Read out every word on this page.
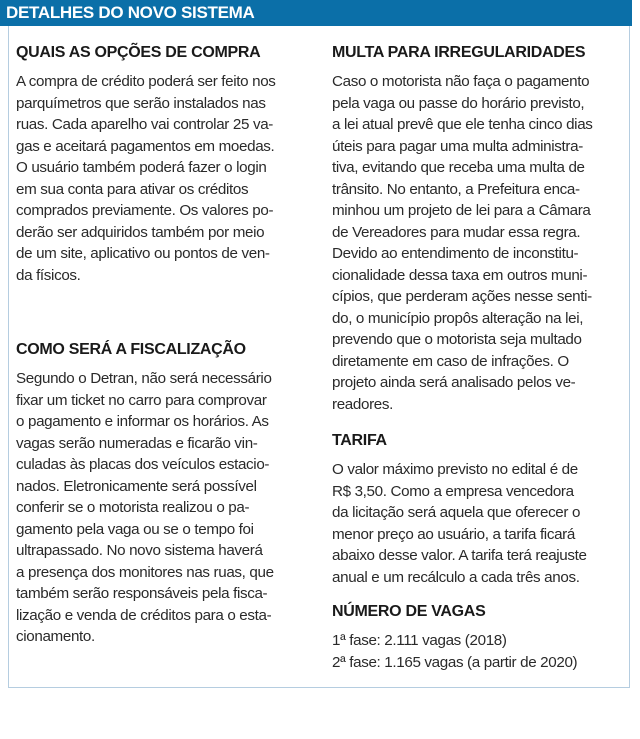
DETALHES DO NOVO SISTEMA
QUAIS AS OPÇÕES DE COMPRA

A compra de crédito poderá ser feito nos
parquímetros que serão instalados nas
ruas. Cada aparelho vai controlar 25 va-
gas e aceitará pagamentos em moedas.
O usuário também poderá fazer o login
em sua conta para ativar os créditos
comprados previamente. Os valores po-
derão ser adquiridos também por meio
de um site, aplicativo ou pontos de ven-
da físicos.

COMO SERÁ A FISCALIZAÇÃO

Segundo o Detran, não será necessário
fixar um ticket no carro para comprovar
o pagamento e informar os horários. As
vagas serão numeradas e ficarão vin-
culadas às placas dos veículos estacio-
nados. Eletronicamente será possível
conferir se o motorista realizou o pa-
gamento pela vaga ou se o tempo foi
ultrapassado. No novo sistema haverá
a presença dos monitores nas ruas, que
também serão responsáveis pela fisca-
lização e venda de créditos para o esta-
cionamento.

MULTA PARA IRREGULARIDADES

Caso o motorista não faça o pagamento
pela vaga ou passe do horário previsto,
a lei atual prevê que ele tenha cinco dias
úteis para pagar uma multa administra-
tiva, evitando que receba uma multa de
trânsito. No entanto, a Prefeitura enca-
minhou um projeto de lei para a Câmara
de Vereadores para mudar essa regra.
Devido ao entendimento de inconstitu-
cionalidade dessa taxa em outros muni-
cípios, que perderam ações nesse senti-
do, o município propôs alteração na lei,
prevendo que o motorista seja multado
diretamente em caso de infrações. O
projeto ainda será analisado pelos ve-
readores.

TARIFA

O valor máximo previsto no edital é de
R$ 3,50. Como a empresa vencedora
da licitação será aquela que oferecer o
menor preço ao usuário, a tarifa ficará
abaixo desse valor. A tarifa terá reajuste
anual e um recálculo a cada três anos.

NÚMERO DE VAGAS

1ª fase: 2.111 vagas (2018)
2ª fase: 1.165 vagas (a partir de 2020)
